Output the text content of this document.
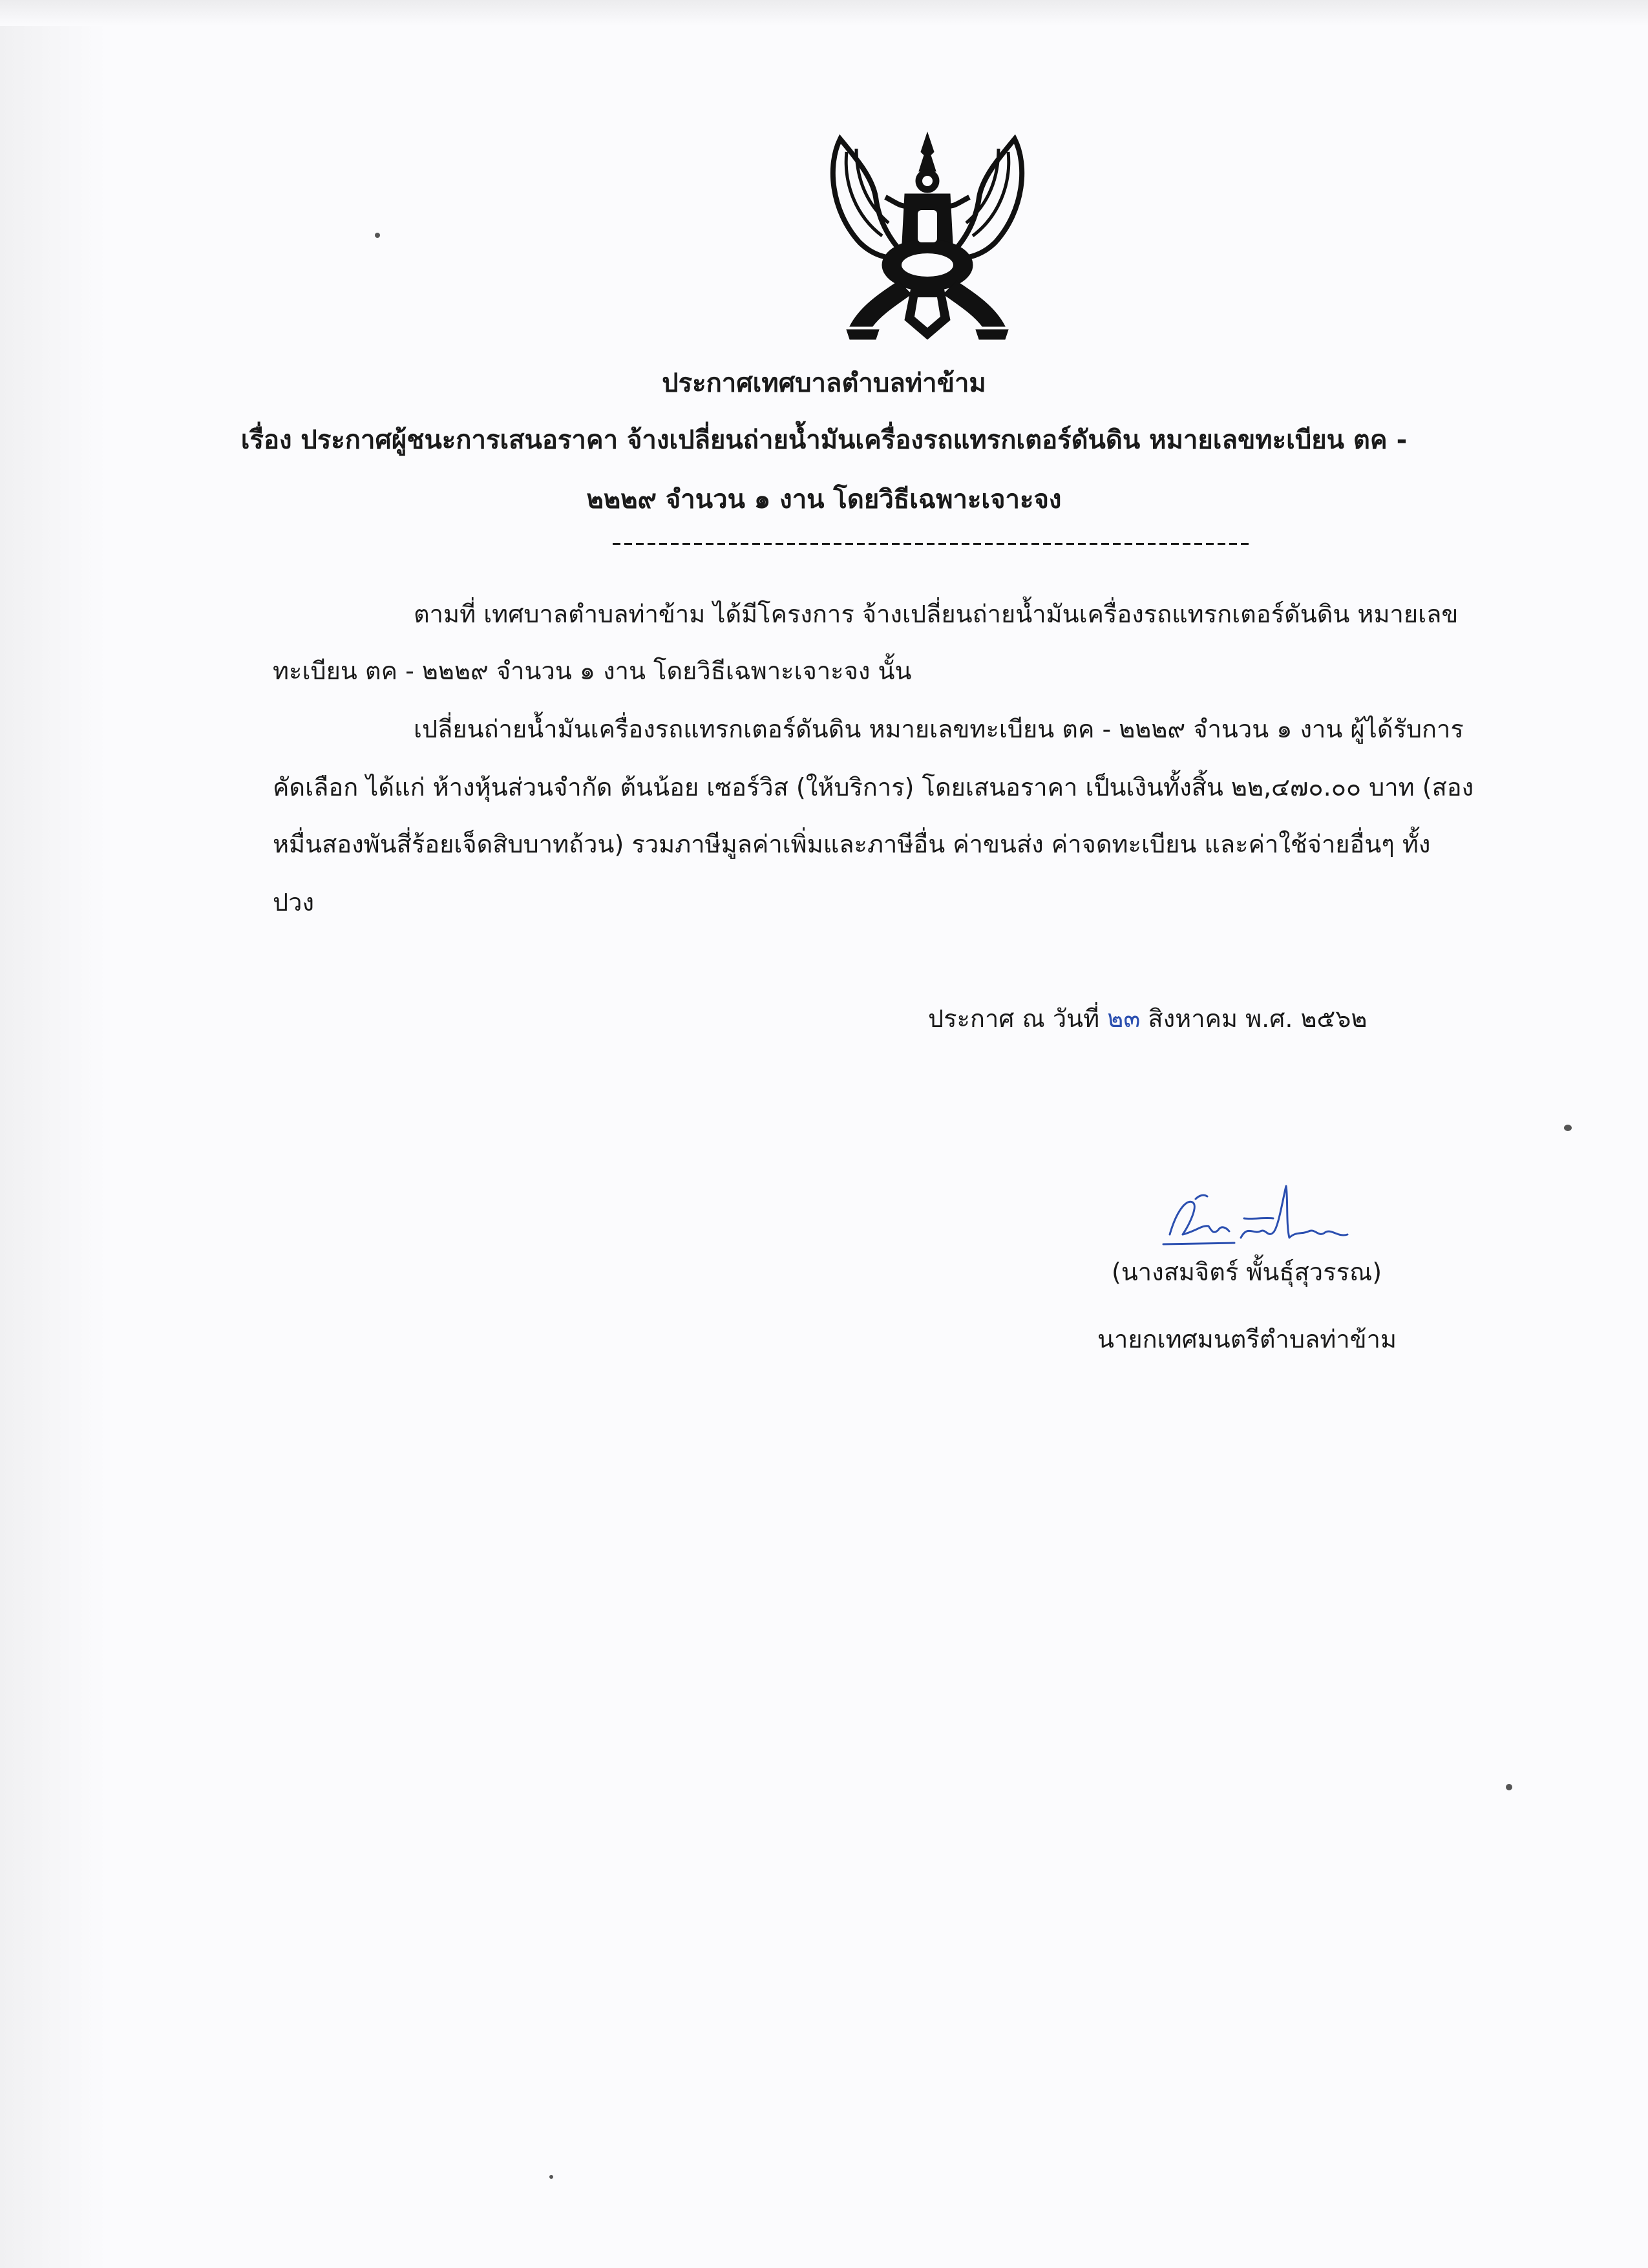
ประกาศเทศบาลตำบลท่าข้าม
เรื่อง ประกาศผู้ชนะการเสนอราคา จ้างเปลี่ยนถ่ายน้ำมันเครื่องรถแทรกเตอร์ดันดิน หมายเลขทะเบียน ตค -
๒๒๒๙ จำนวน ๑ งาน โดยวิธีเฉพาะเจาะจง
ตามที่ เทศบาลตำบลท่าข้าม ได้มีโครงการ จ้างเปลี่ยนถ่ายน้ำมันเครื่องรถแทรกเตอร์ดันดิน หมายเลข
ทะเบียน ตค - ๒๒๒๙ จำนวน ๑ งาน โดยวิธีเฉพาะเจาะจง นั้น
เปลี่ยนถ่ายน้ำมันเครื่องรถแทรกเตอร์ดันดิน หมายเลขทะเบียน ตค - ๒๒๒๙ จำนวน ๑ งาน ผู้ได้รับการ
คัดเลือก ได้แก่ ห้างหุ้นส่วนจำกัด ต้นน้อย เซอร์วิส (ให้บริการ) โดยเสนอราคา เป็นเงินทั้งสิ้น ๒๒,๔๗๐.๐๐ บาท (สอง
หมื่นสองพันสี่ร้อยเจ็ดสิบบาทถ้วน) รวมภาษีมูลค่าเพิ่มและภาษีอื่น ค่าขนส่ง ค่าจดทะเบียน และค่าใช้จ่ายอื่นๆ ทั้ง
ปวง
ประกาศ ณ วันที่ ๒๓ สิงหาคม พ.ศ. ๒๕๖๒
(นางสมจิตร์ พั้นธุ์สุวรรณ)
นายกเทศมนตรีตำบลท่าข้าม
